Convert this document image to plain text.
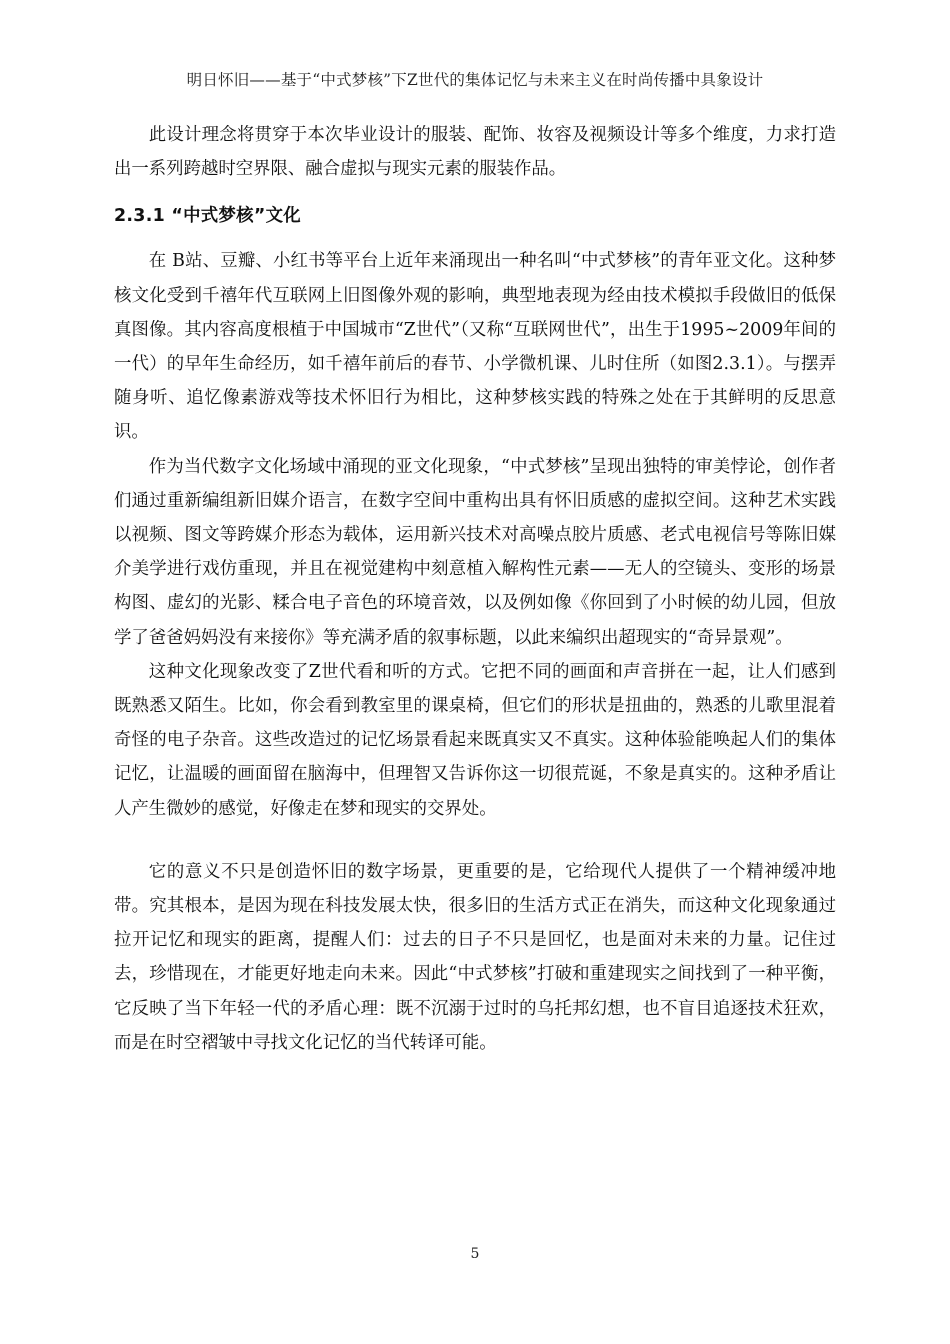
明日怀旧——基于“中式梦核”下Z世代的集体记忆与未来主义在时尚传播中具象设计

此设计理念将贯穿于本次毕业设计的服装、配饰、妆容及视频设计等多个维度，力求打造出一系列跨越时空界限、融合虚拟与现实元素的服装作品。

2.3.1 “中式梦核”文化

在 B站、豆瓣、小红书等平台上近年来涌现出一种名叫“中式梦核”的青年亚文化。这种梦核文化受到千禧年代互联网上旧图像外观的影响，典型地表现为经由技术模拟手段做旧的低保真图像。其内容高度根植于中国城市“Z世代”（又称“互联网世代”，出生于1995~2009年间的一代）的早年生命经历，如千禧年前后的春节、小学微机课、儿时住所（如图2.3.1）。与摆弄随身听、追忆像素游戏等技术怀旧行为相比，这种梦核实践的特殊之处在于其鲜明的反思意识。

作为当代数字文化场域中涌现的亚文化现象，“中式梦核”呈现出独特的审美悖论，创作者们通过重新编组新旧媒介语言，在数字空间中重构出具有怀旧质感的虚拟空间。这种艺术实践以视频、图文等跨媒介形态为载体，运用新兴技术对高噪点胶片质感、老式电视信号等陈旧媒介美学进行戏仿重现，并且在视觉建构中刻意植入解构性元素——无人的空镜头、变形的场景构图、虚幻的光影、糅合电子音色的环境音效，以及例如像《你回到了小时候的幼儿园，但放学了爸爸妈妈没有来接你》等充满矛盾的叙事标题，以此来编织出超现实的“奇异景观”。

这种文化现象改变了Z世代看和听的方式。它把不同的画面和声音拼在一起，让人们感到既熟悉又陌生。比如，你会看到教室里的课桌椅，但它们的形状是扭曲的，熟悉的儿歌里混着奇怪的电子杂音。这些改造过的记忆场景看起来既真实又不真实。这种体验能唤起人们的集体记忆，让温暖的画面留在脑海中，但理智又告诉你这一切很荒诞，不象是真实的。这种矛盾让人产生微妙的感觉，好像走在梦和现实的交界处。

它的意义不只是创造怀旧的数字场景，更重要的是，它给现代人提供了一个精神缓冲地带。究其根本，是因为现在科技发展太快，很多旧的生活方式正在消失，而这种文化现象通过拉开记忆和现实的距离，提醒人们：过去的日子不只是回忆，也是面对未来的力量。记住过去，珍惜现在，才能更好地走向未来。因此“中式梦核”打破和重建现实之间找到了一种平衡，它反映了当下年轻一代的矛盾心理：既不沉溺于过时的乌托邦幻想，也不盲目追逐技术狂欢，而是在时空褶皱中寻找文化记忆的当代转译可能。

5
